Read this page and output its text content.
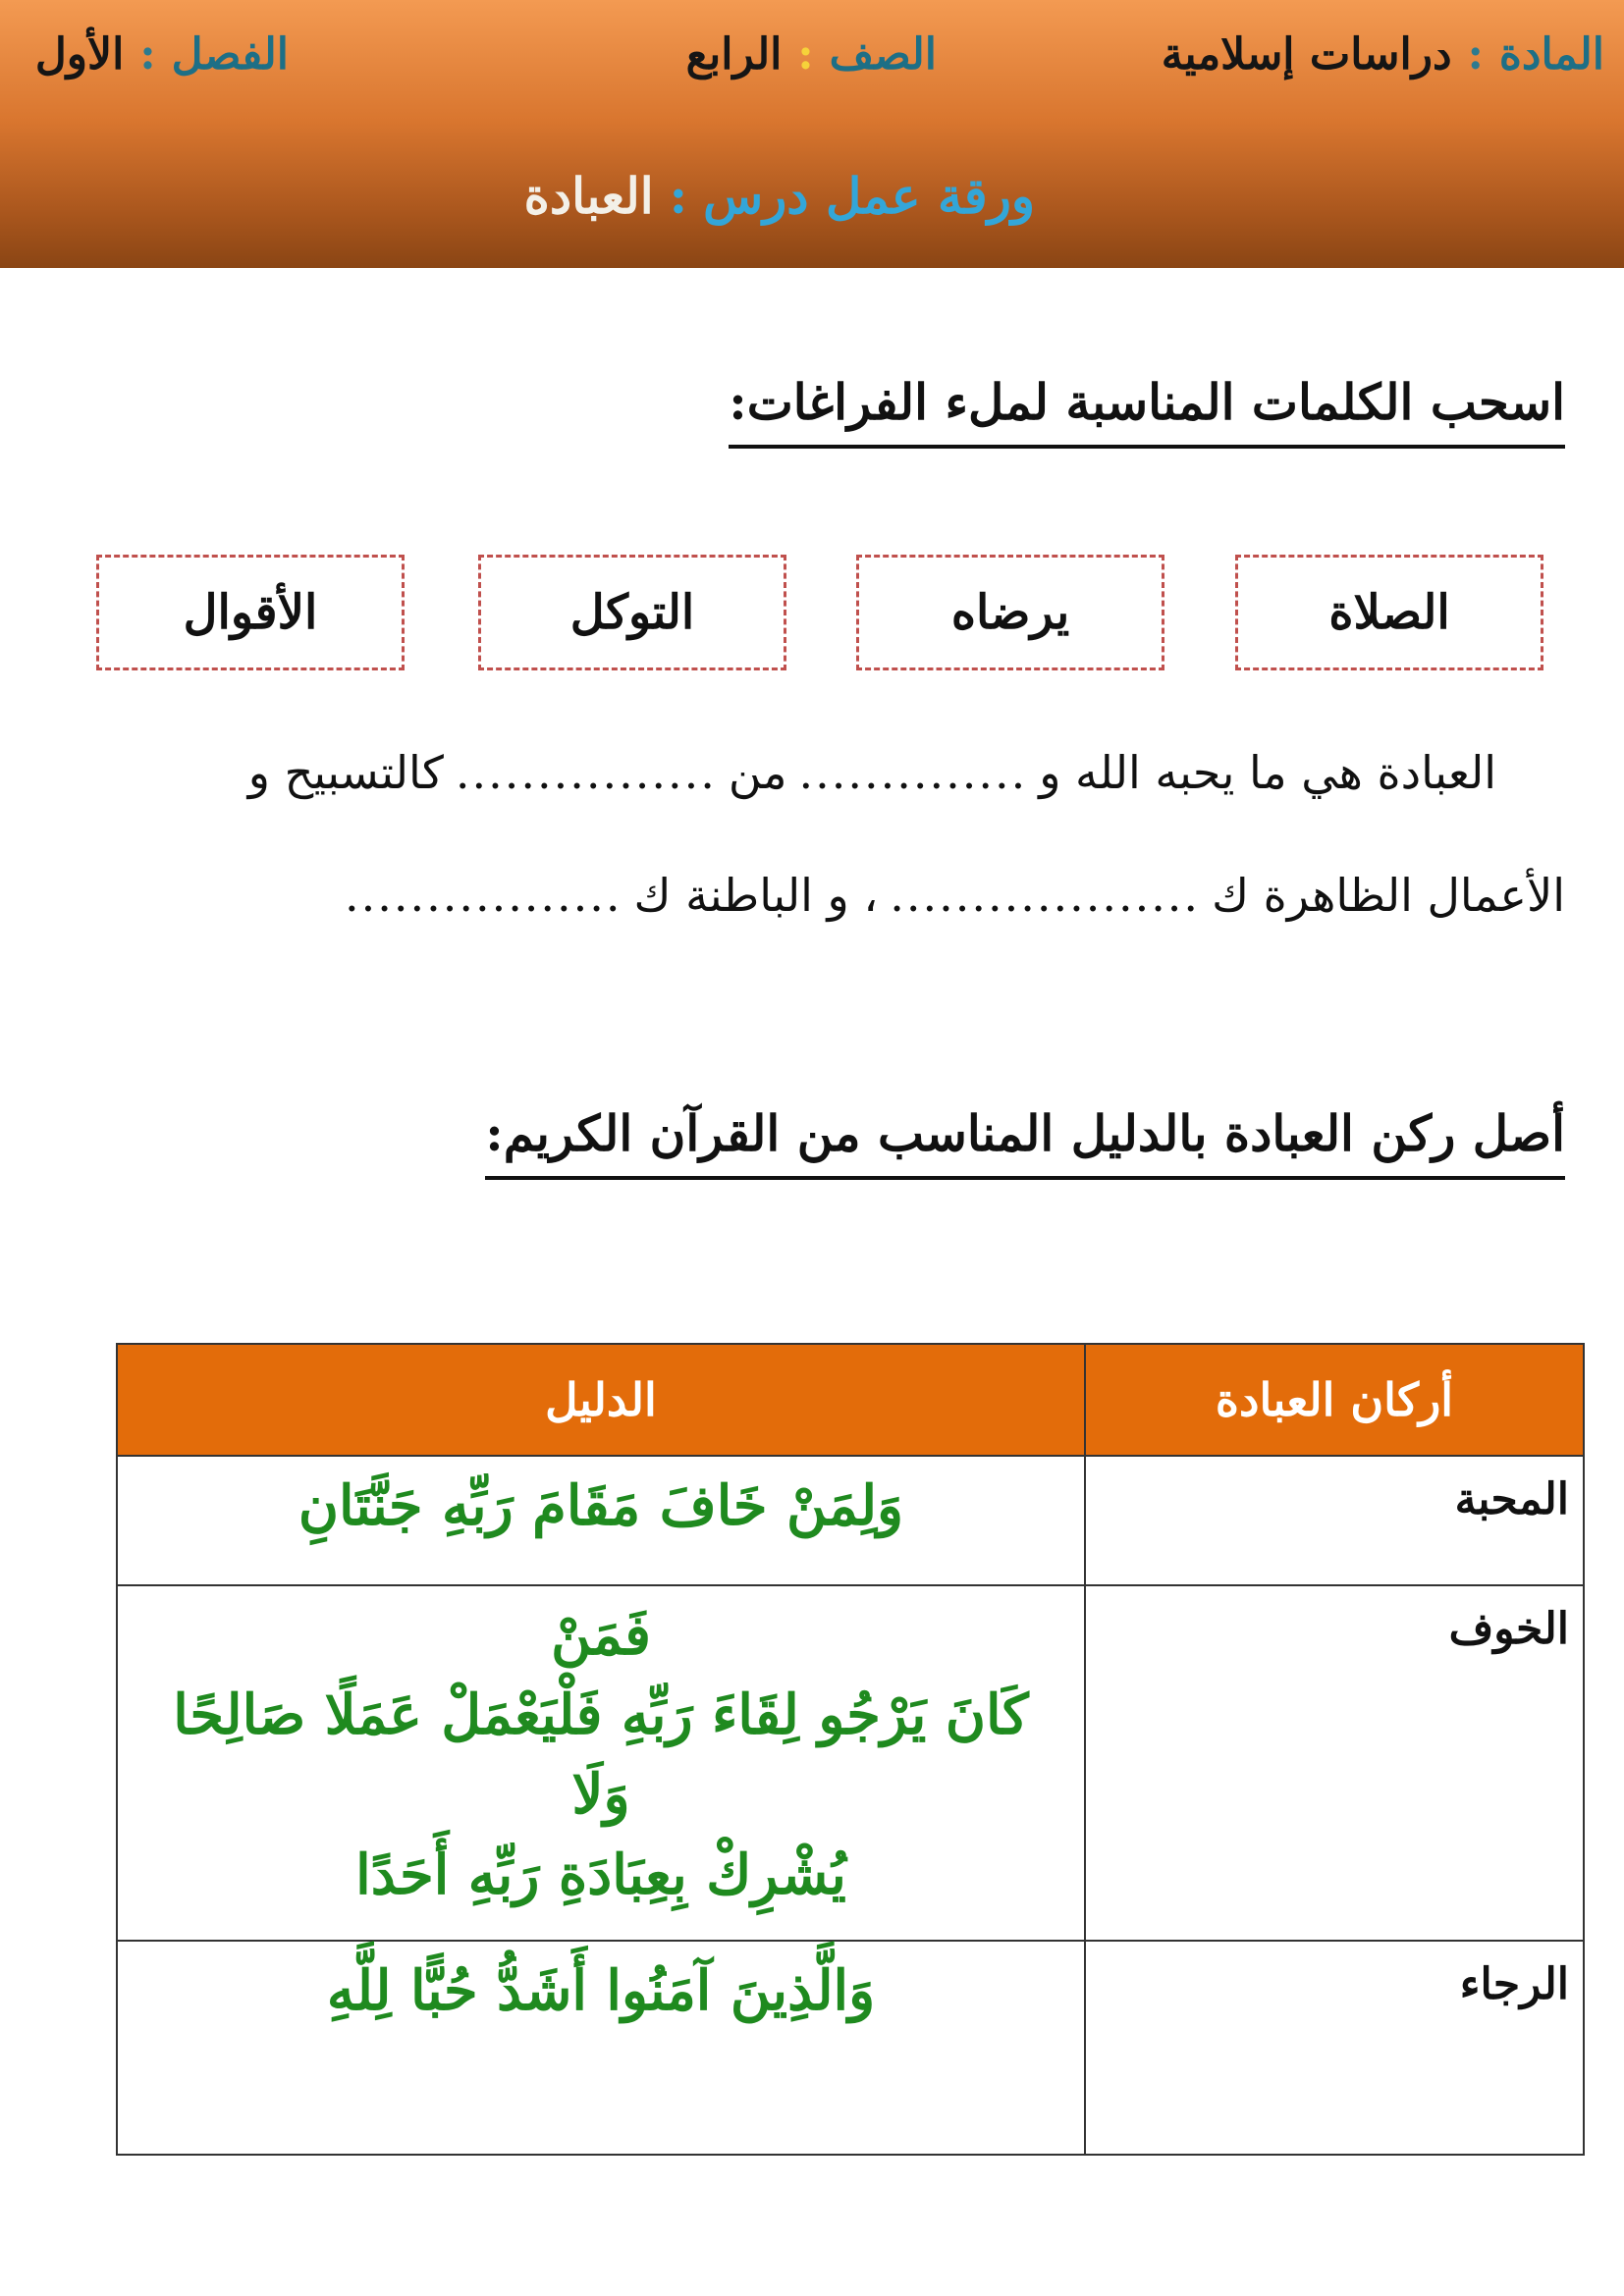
المادة
:
دراسات إسلامية
الصف
:
الرابع
الفصل
:
الأول
ورقة عمل درس
:
العبادة
اسحب الكلمات المناسبة لملء الفراغات:
الصلاة
يرضاه
التوكل
الأقوال
العبادة هي ما يحبه الله و
..............
من
................
كالتسبيح و
الأعمال الظاهرة ك
...................
، و الباطنة ك
.................
أصل ركن العبادة بالدليل المناسب من القرآن الكريم:
أركان العبادة	الدليل
المحبة	وَلِمَنْ خَافَ مَقَامَ رَبِّهِ جَنَّتَانِ

الخوف	فَمَنْ
كَانَ يَرْجُو لِقَاءَ رَبِّهِ فَلْيَعْمَلْ عَمَلًا صَالِحًا وَلَا
يُشْرِكْ بِعِبَادَةِ رَبِّهِ أَحَدًا

الرجاء	وَالَّذِينَ آمَنُوا أَشَدُّ حُبًّا لِلَّهِ
